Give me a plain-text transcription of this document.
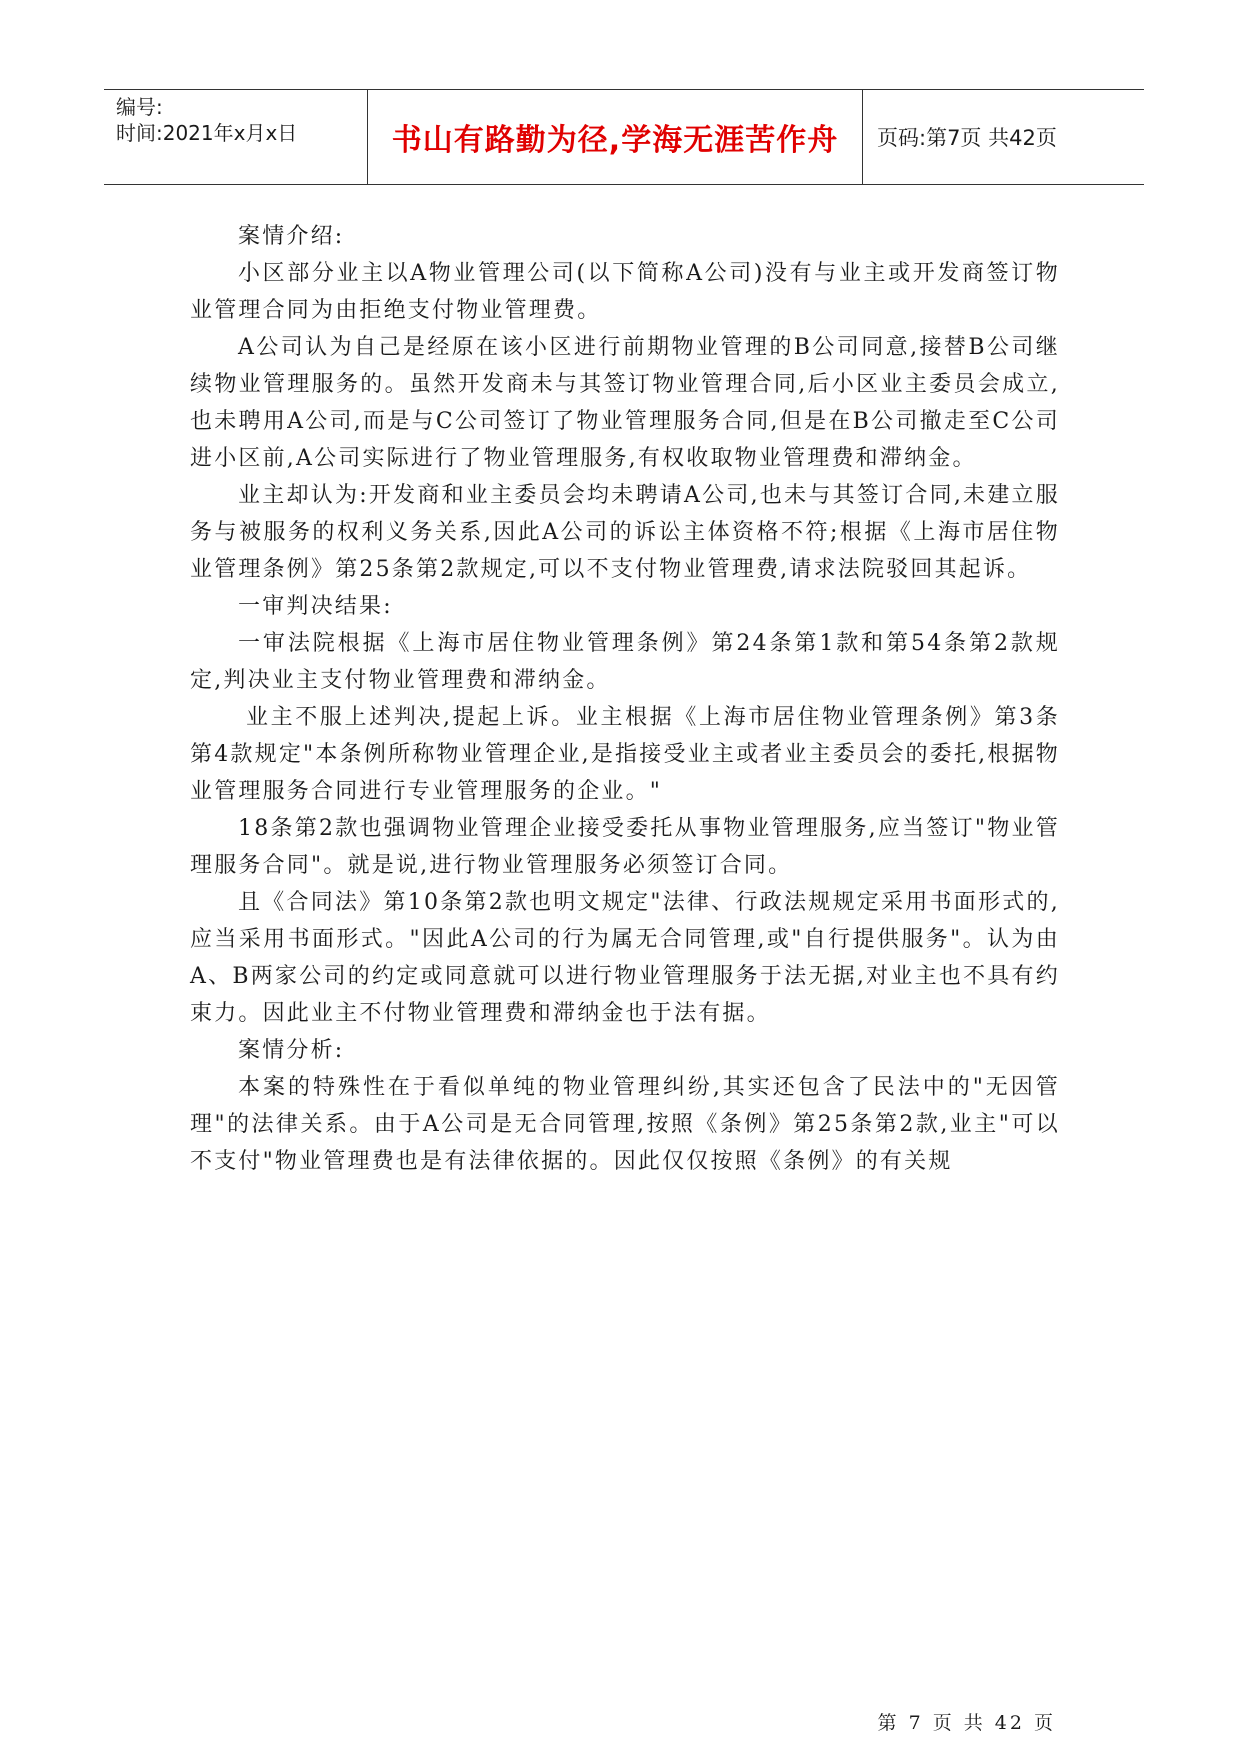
编号:
时间:2021年x月x日	书山有路勤为径,学海无涯苦作舟 页码:第7页 共42页

案情介绍:

小区部分业主以A物业管理公司(以下简称A公司)没有与业主或开发商签订物业管理合同为由拒绝支付物业管理费。

A公司认为自己是经原在该小区进行前期物业管理的B公司同意,接替B公司继续物业管理服务的。虽然开发商未与其签订物业管理合同,后小区业主委员会成立,也未聘用A公司,而是与C公司签订了物业管理服务合同,但是在B公司撤走至C公司进小区前,A公司实际进行了物业管理服务,有权收取物业管理费和滞纳金。

业主却认为:开发商和业主委员会均未聘请A公司,也未与其签订合同,未建立服务与被服务的权利义务关系,因此A公司的诉讼主体资格不符;根据《上海市居住物业管理条例》第25条第2款规定,可以不支付物业管理费,请求法院驳回其起诉。

一审判决结果:

一审法院根据《上海市居住物业管理条例》第24条第1款和第54条第2款规定,判决业主支付物业管理费和滞纳金。

业主不服上述判决,提起上诉。业主根据《上海市居住物业管理条例》第3条第4款规定"本条例所称物业管理企业,是指接受业主或者业主委员会的委托,根据物业管理服务合同进行专业管理服务的企业。"

18条第2款也强调物业管理企业接受委托从事物业管理服务,应当签订"物业管理服务合同"。就是说,进行物业管理服务必须签订合同。

且《合同法》第10条第2款也明文规定"法律、行政法规规定采用书面形式的,应当采用书面形式。"因此A公司的行为属无合同管理,或"自行提供服务"。认为由A、B两家公司的约定或同意就可以进行物业管理服务于法无据,对业主也不具有约束力。因此业主不付物业管理费和滞纳金也于法有据。

案情分析:

本案的特殊性在于看似单纯的物业管理纠纷,其实还包含了民法中的"无因管理"的法律关系。由于A公司是无合同管理,按照《条例》第25条第2款,业主"可以不支付"物业管理费也是有法律依据的。因此仅仅按照《条例》的有关规

第 7 页 共 42 页
